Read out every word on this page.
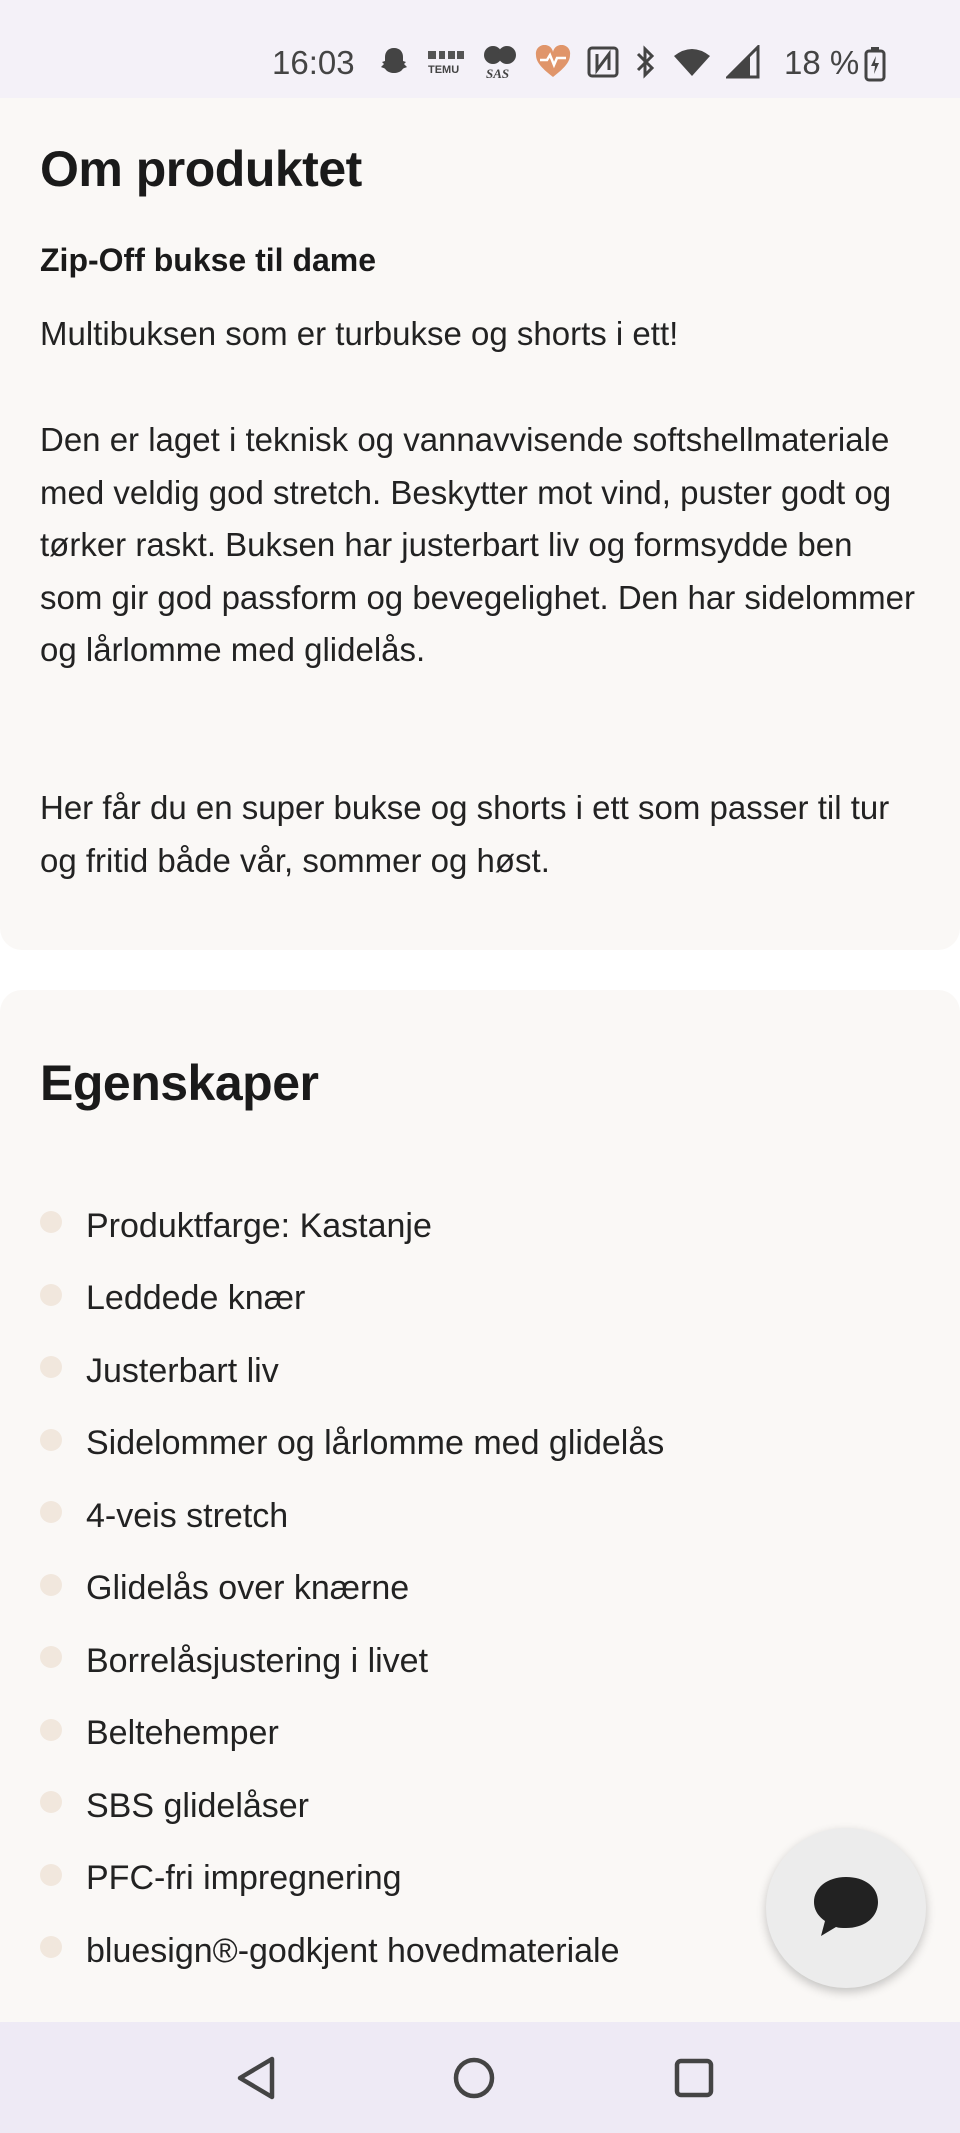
16:03	TEMU SAS	18 %
Om produktet
Zip-Off bukse til dame
Multibuksen som er turbukse og shorts i ett!
Den er laget i teknisk og vannavvisende softshellmateriale med veldig god stretch. Beskytter mot vind, puster godt og tørker raskt. Buksen har justerbart liv og formsydde ben som gir god passform og bevegelighet. Den har sidelommer og lårlomme med glidelås.
Her får du en super bukse og shorts i ett som passer til tur og fritid både vår, sommer og høst.
Egenskaper
Produktfarge: Kastanje
Leddede knær
Justerbart liv
Sidelommer og lårlomme med glidelås
4-veis stretch
Glidelås over knærne
Borrelåsjustering i livet
Beltehemper
SBS glidelåser
PFC-fri impregnering
bluesign®-godkjent hovedmateriale
